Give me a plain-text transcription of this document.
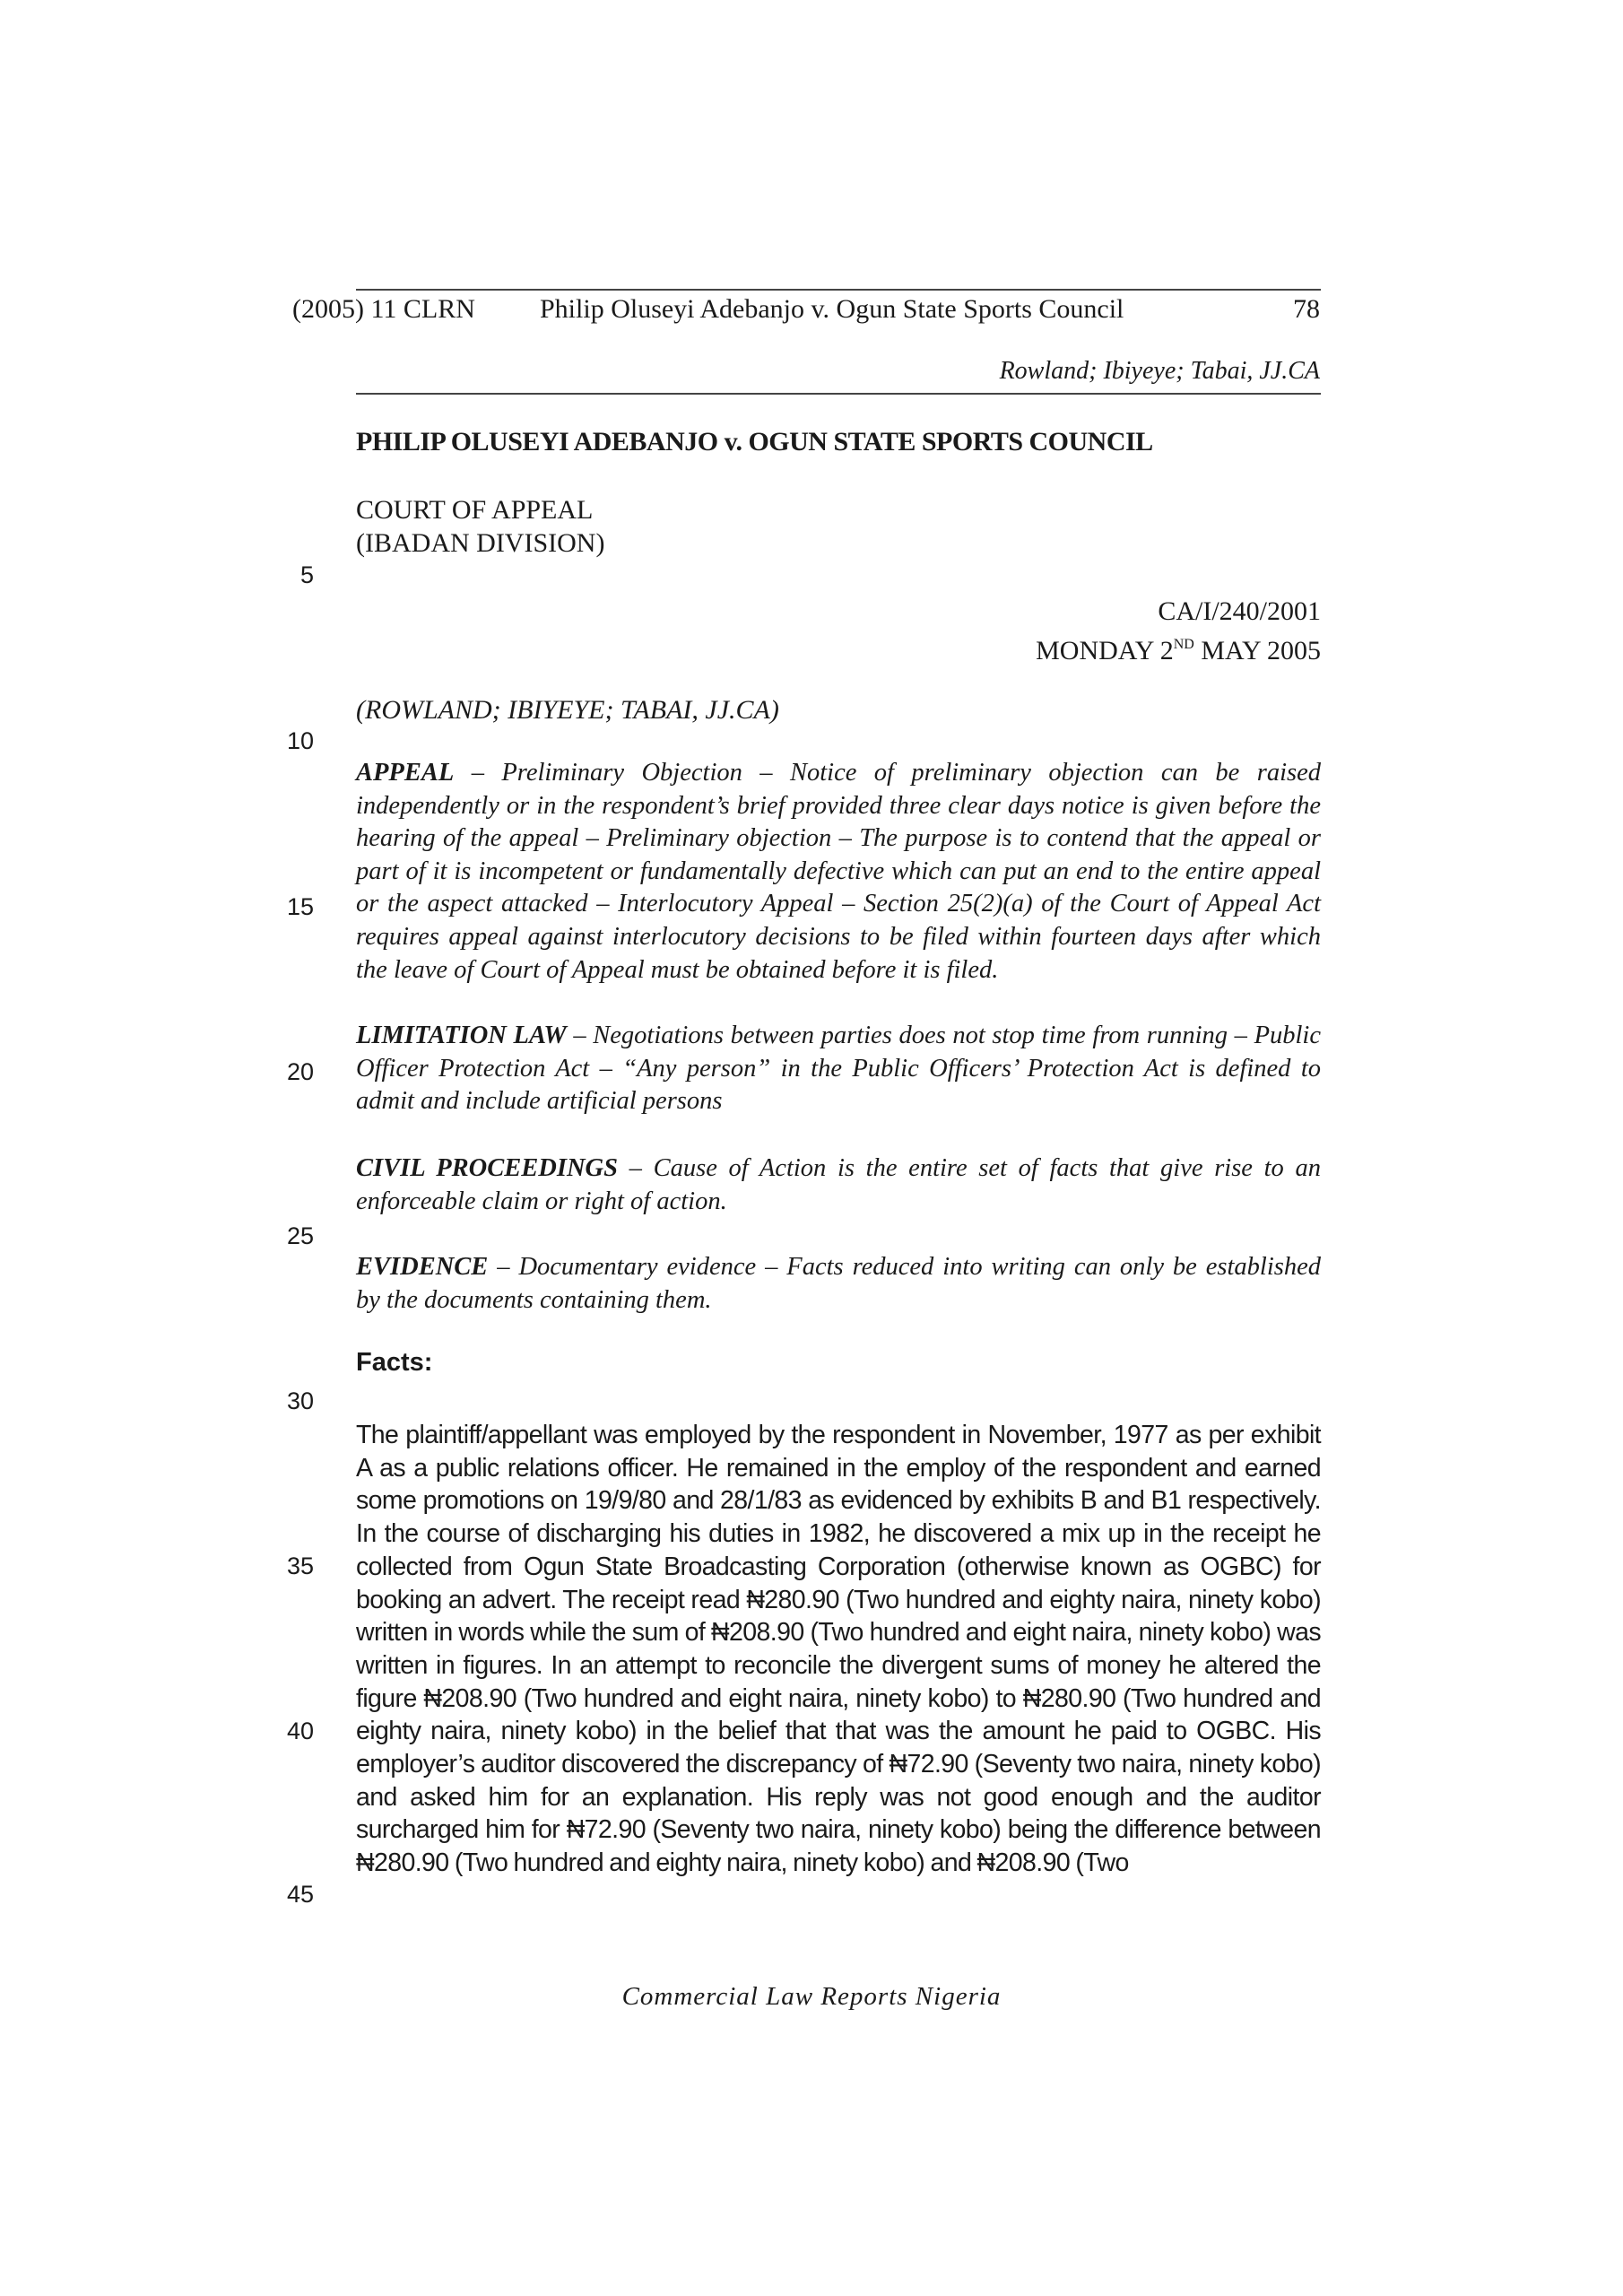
(2005) 11 CLRN Philip Oluseyi Adebanjo v. Ogun State Sports Council	78
Rowland; Ibiyeye; Tabai, JJ.CA
PHILIP OLUSEYI ADEBANJO v. OGUN STATE SPORTS COUNCIL
COURT OF APPEAL
(IBADAN DIVISION)
CA/I/240/2001
MONDAY 2ND MAY 2005
(ROWLAND; IBIYEYE; TABAI, JJ.CA)

APPEAL – Preliminary Objection – Notice of preliminary objection can be raised independently or in the respondent’s brief provided three clear days notice is given before the hearing of the appeal – Preliminary objection – The purpose is to contend that the appeal or part of it is incompetent or fundamentally defective which can put an end to the entire appeal or the aspect attacked – Interlocutory Appeal – Section 25(2)(a) of the Court of Appeal Act requires appeal against interlocutory decisions to be filed within fourteen days after which the leave of Court of Appeal must be obtained before it is filed.

LIMITATION LAW – Negotiations between parties does not stop time from running – Public Officer Protection Act – “Any person” in the Public Officers’ Protection Act is defined to admit and include artificial persons

CIVIL PROCEEDINGS – Cause of Action is the entire set of facts that give rise to an enforceable claim or right of action.

EVIDENCE – Documentary evidence – Facts reduced into writing can only be established by the documents containing them.

Facts:

The plaintiff/appellant was employed by the respondent in November, 1977 as per exhibit A as a public relations officer. He remained in the employ of the respondent and earned some promotions on 19/9/80 and 28/1/83 as evidenced by exhibits B and B1 respectively. In the course of discharging his duties in 1982, he discovered a mix up in the receipt he collected from Ogun State Broadcasting Corporation (otherwise known as OGBC) for booking an advert. The receipt read ₦280.90 (Two hundred and eighty naira, ninety kobo) written in words while the sum of ₦208.90 (Two hundred and eight naira, ninety kobo) was written in figures. In an attempt to reconcile the divergent sums of money he altered the figure ₦208.90 (Two hundred and eight naira, ninety kobo) to ₦280.90 (Two hundred and eighty naira, ninety kobo) in the belief that that was the amount he paid to OGBC. His employer’s auditor discovered the discrepancy of ₦72.90 (Seventy two naira, ninety kobo) and asked him for an explanation. His reply was not good enough and the auditor surcharged him for ₦72.90 (Seventy two naira, ninety kobo) being the difference between ₦280.90 (Two hundred and eighty naira, ninety kobo) and ₦208.90 (Two

5
10
15
20
25
30
35
40
45
Commercial Law Reports Nigeria
